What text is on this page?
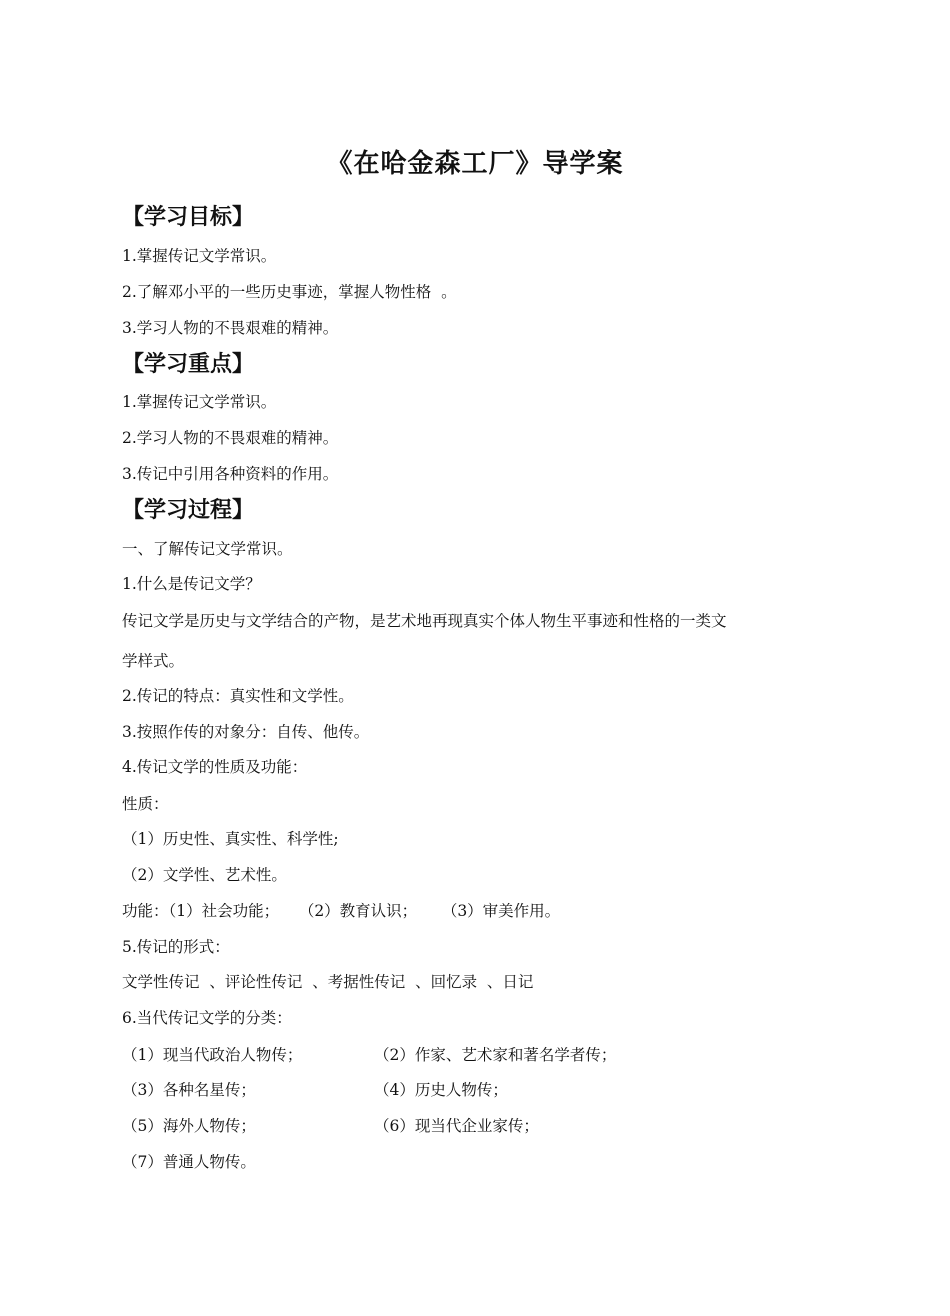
《在哈金森工厂》导学案
【学习目标】
1.掌握传记文学常识。
2.了解邓小平的一些历史事迹，掌握人物性格  。
3.学习人物的不畏艰难的精神。
【学习重点】
1.掌握传记文学常识。
2.学习人物的不畏艰难的精神。
3.传记中引用各种资料的作用。
【学习过程】
一、了解传记文学常识。
1.什么是传记文学？
传记文学是历史与文学结合的产物，是艺术地再现真实个体人物生平事迹和性格的一类文
学样式。
2.传记的特点：真实性和文学性。
3.按照作传的对象分：自传、他传。
4.传记文学的性质及功能：
性质：
（1）历史性、真实性、科学性;
（2）文学性、艺术性。
功能：（1）社会功能；    （2）教育认识；     （3）审美作用。
5.传记的形式：
文学性传记  、评论性传记  、考据性传记  、回忆录  、日记
6.当代传记文学的分类：
（1）现当代政治人物传；	（2）作家、艺术家和著名学者传；
（3）各种名星传；	（4）历史人物传；
（5）海外人物传；	（6）现当代企业家传；
（7）普通人物传。
